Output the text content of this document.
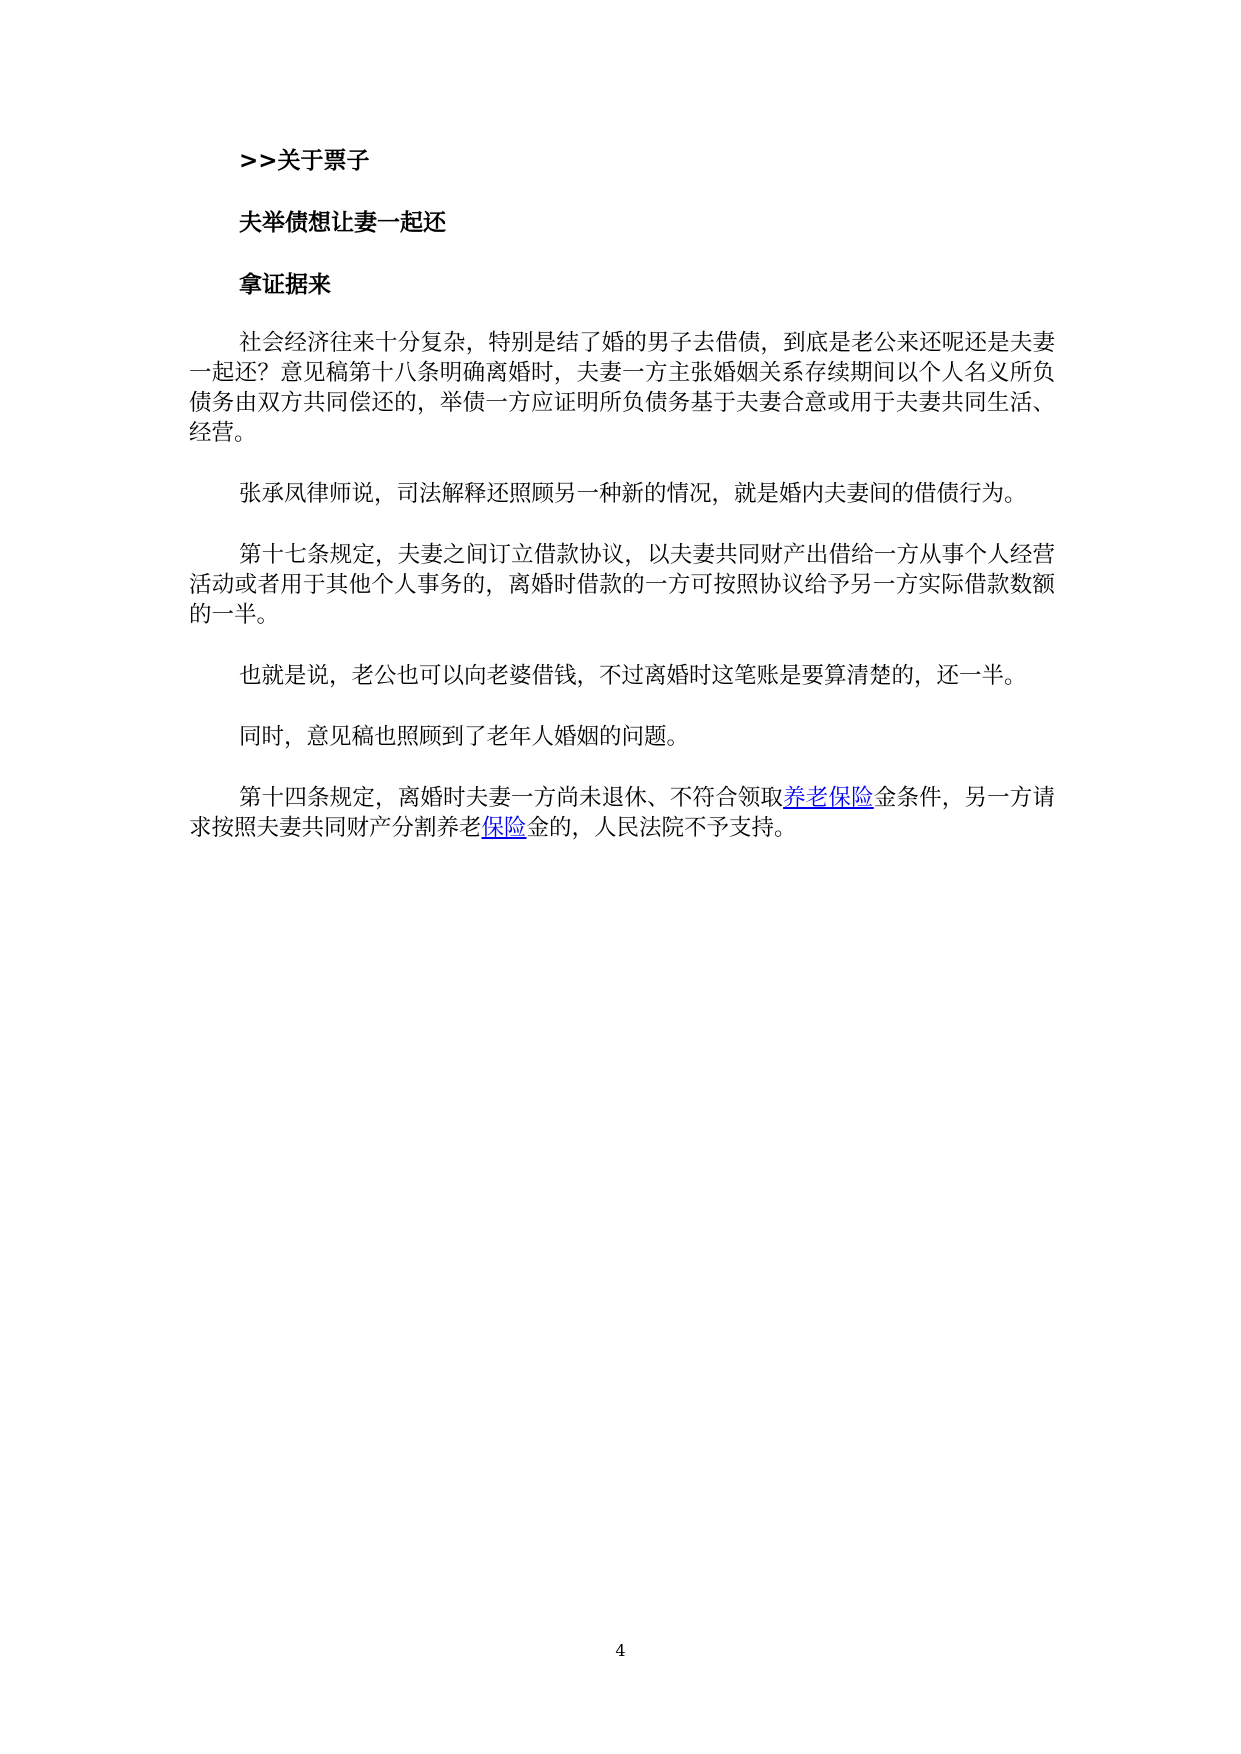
>>关于票子

夫举债想让妻一起还

拿证据来

社会经济往来十分复杂，特别是结了婚的男子去借债，到底是老公来还呢还是夫妻一起还？意见稿第十八条明确离婚时，夫妻一方主张婚姻关系存续期间以个人名义所负债务由双方共同偿还的，举债一方应证明所负债务基于夫妻合意或用于夫妻共同生活、经营。

张承凤律师说，司法解释还照顾另一种新的情况，就是婚内夫妻间的借债行为。

第十七条规定，夫妻之间订立借款协议，以夫妻共同财产出借给一方从事个人经营活动或者用于其他个人事务的，离婚时借款的一方可按照协议给予另一方实际借款数额的一半。

也就是说，老公也可以向老婆借钱，不过离婚时这笔账是要算清楚的，还一半。

同时，意见稿也照顾到了老年人婚姻的问题。

第十四条规定，离婚时夫妻一方尚未退休、不符合领取养老保险金条件，另一方请求按照夫妻共同财产分割养老保险金的，人民法院不予支持。

4
